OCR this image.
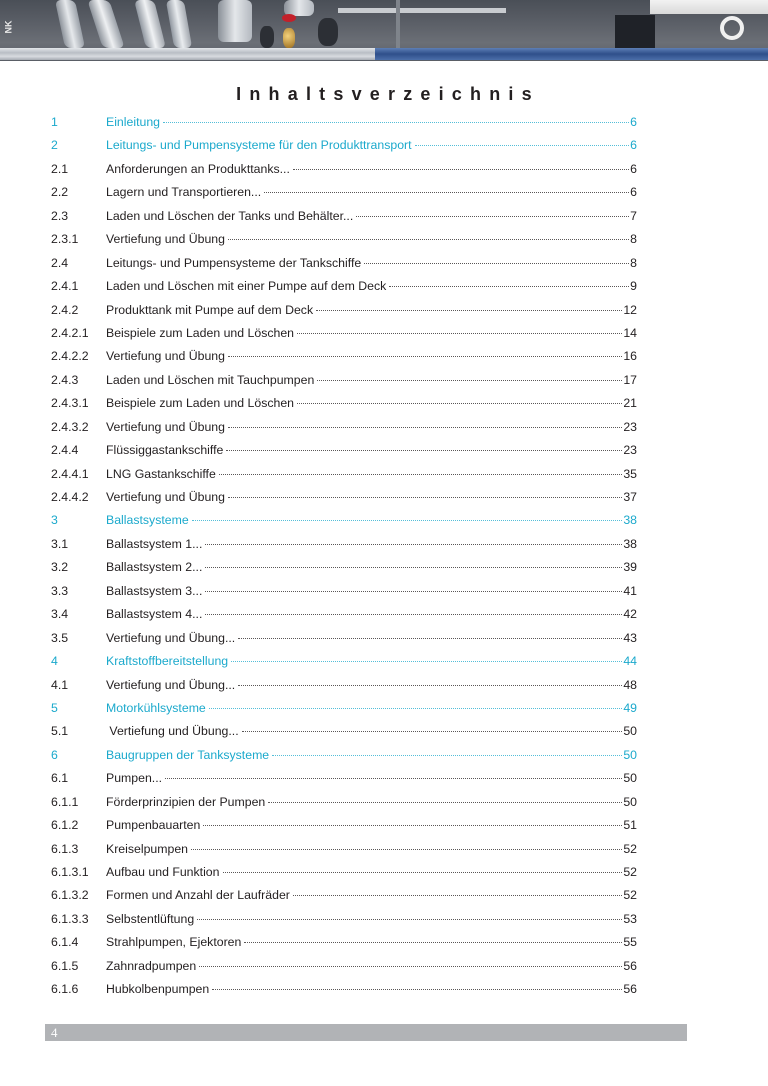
NK
Inhaltsverzeichnis
1	Einleitung	6
2	Leitungs- und Pumpensysteme für den Produkttransport	6
2.1	Anforderungen an Produkttanks...	6
2.2	Lagern und Transportieren...	6
2.3	Laden und Löschen der Tanks und Behälter...	7
2.3.1	Vertiefung und Übung	8
2.4	Leitungs- und Pumpensysteme der Tankschiffe	8
2.4.1	Laden und Löschen mit einer Pumpe auf dem Deck	9
2.4.2	Produkttank mit Pumpe auf dem Deck	12
2.4.2.1	Beispiele zum Laden und Löschen	14
2.4.2.2	Vertiefung und Übung	16
2.4.3	Laden und Löschen mit Tauchpumpen	17
2.4.3.1	Beispiele zum Laden und Löschen	21
2.4.3.2	Vertiefung und Übung	23
2.4.4	Flüssiggastankschiffe	23
2.4.4.1	LNG Gastankschiffe	35
2.4.4.2	Vertiefung und Übung	37
3	Ballastsysteme	38
3.1	Ballastsystem 1...	38
3.2	Ballastsystem 2...	39
3.3	Ballastsystem 3...	41
3.4	Ballastsystem 4...	42
3.5	Vertiefung und Übung...	43
4	Kraftstoffbereitstellung	44
4.1	Vertiefung und Übung...	48
5	Motorkühlsysteme	49
5.1	Vertiefung und Übung...	50
6	Baugruppen der Tanksysteme	50
6.1	Pumpen...	50
6.1.1	Förderprinzipien der Pumpen	50
6.1.2	Pumpenbauarten	51
6.1.3	Kreiselpumpen	52
6.1.3.1	Aufbau und Funktion	52
6.1.3.2	Formen und Anzahl der Laufräder	52
6.1.3.3	Selbstentlüftung	53
6.1.4	Strahlpumpen, Ejektoren	55
6.1.5	Zahnradpumpen	56
6.1.6	Hubkolbenpumpen	56
4
